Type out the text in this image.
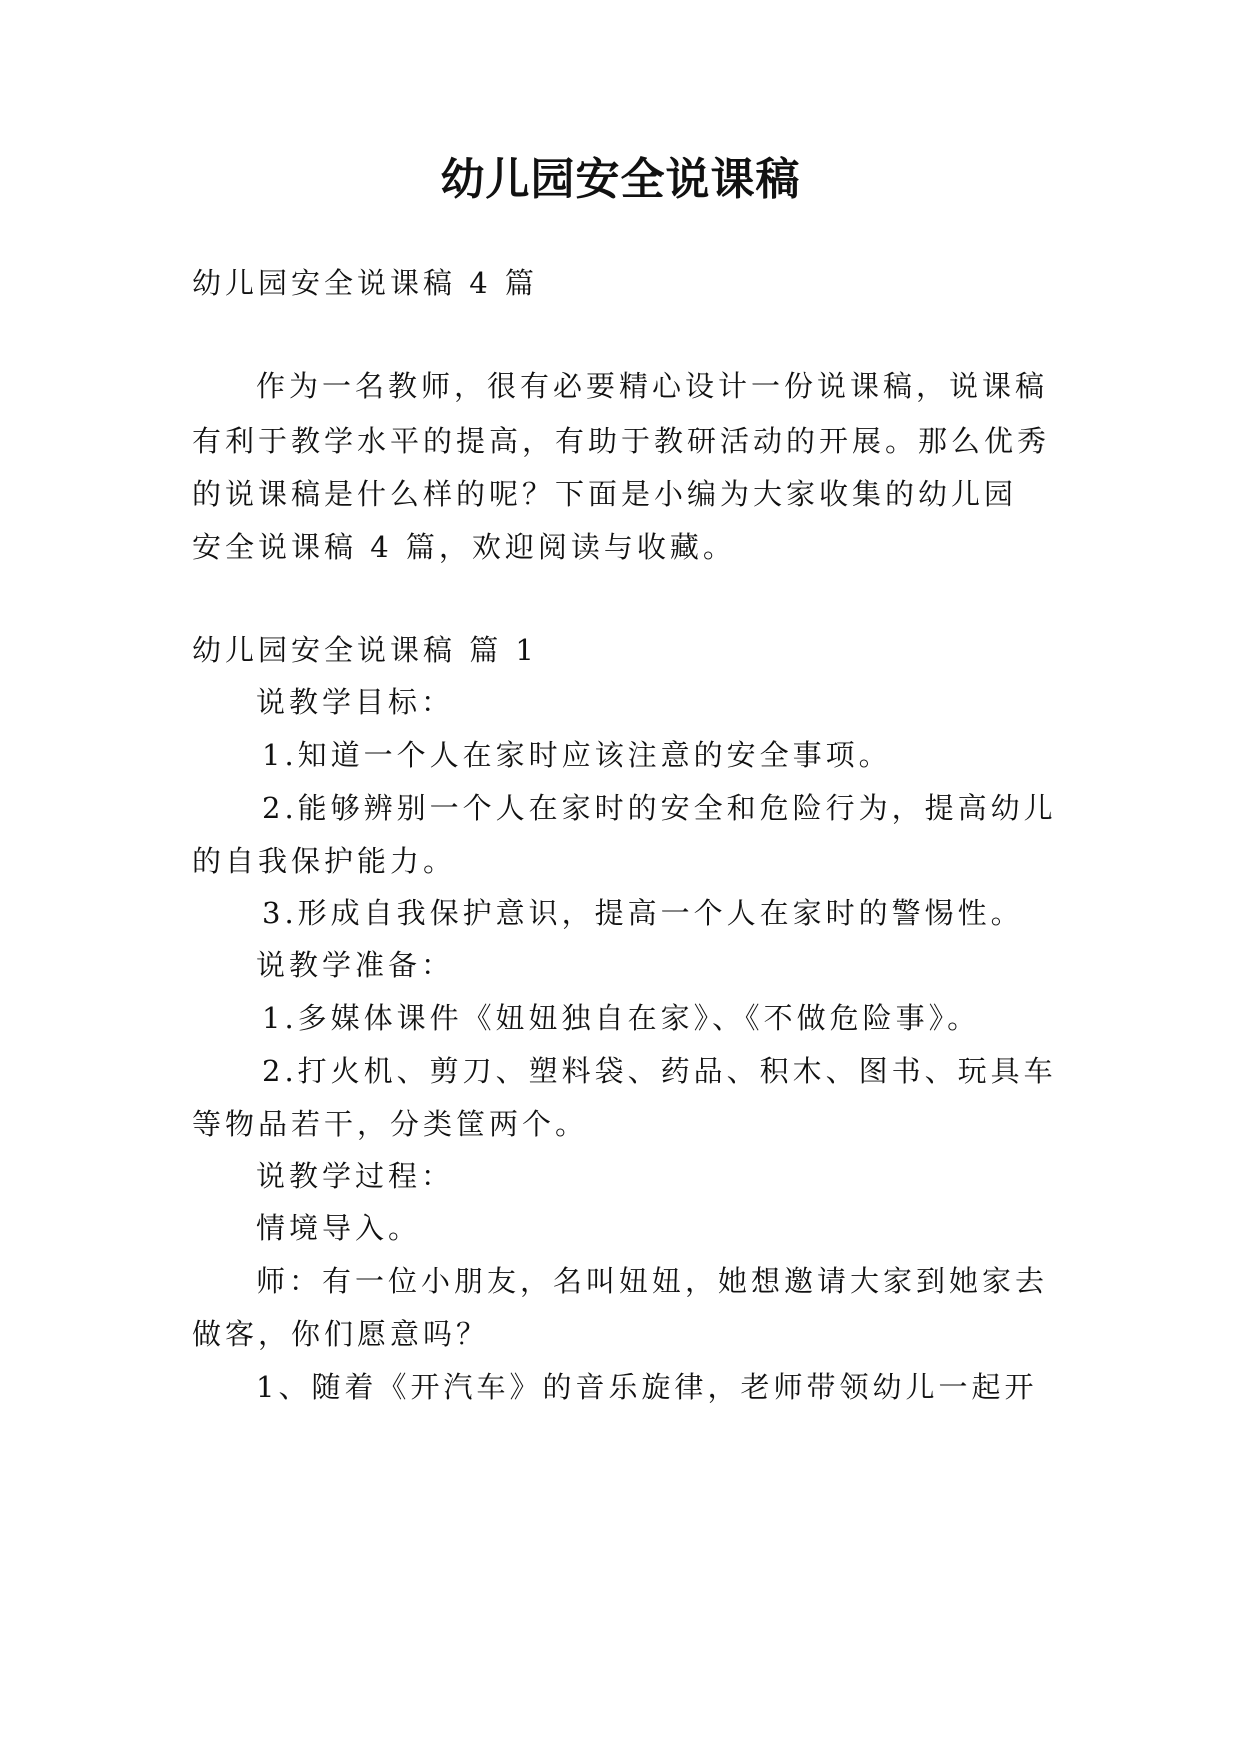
幼儿园安全说课稿
幼儿园安全说课稿 4 篇
作为一名教师，很有必要精心设计一份说课稿，说课稿
有利于教学水平的提高，有助于教研活动的开展。那么优秀
的说课稿是什么样的呢？下面是小编为大家收集的幼儿园
安全说课稿 4 篇，欢迎阅读与收藏。
幼儿园安全说课稿 篇 1
说教学目标：
1.知道一个人在家时应该注意的安全事项。
2.能够辨别一个人在家时的安全和危险行为，提高幼儿
的自我保护能力。
3.形成自我保护意识，提高一个人在家时的警惕性。
说教学准备：
1.多媒体课件《妞妞独自在家》、《不做危险事》。
2.打火机、剪刀、塑料袋、药品、积木、图书、玩具车
等物品若干，分类筐两个。
说教学过程：
情境导入。
师：有一位小朋友，名叫妞妞，她想邀请大家到她家去
做客，你们愿意吗？
1、随着《开汽车》的音乐旋律，老师带领幼儿一起开
